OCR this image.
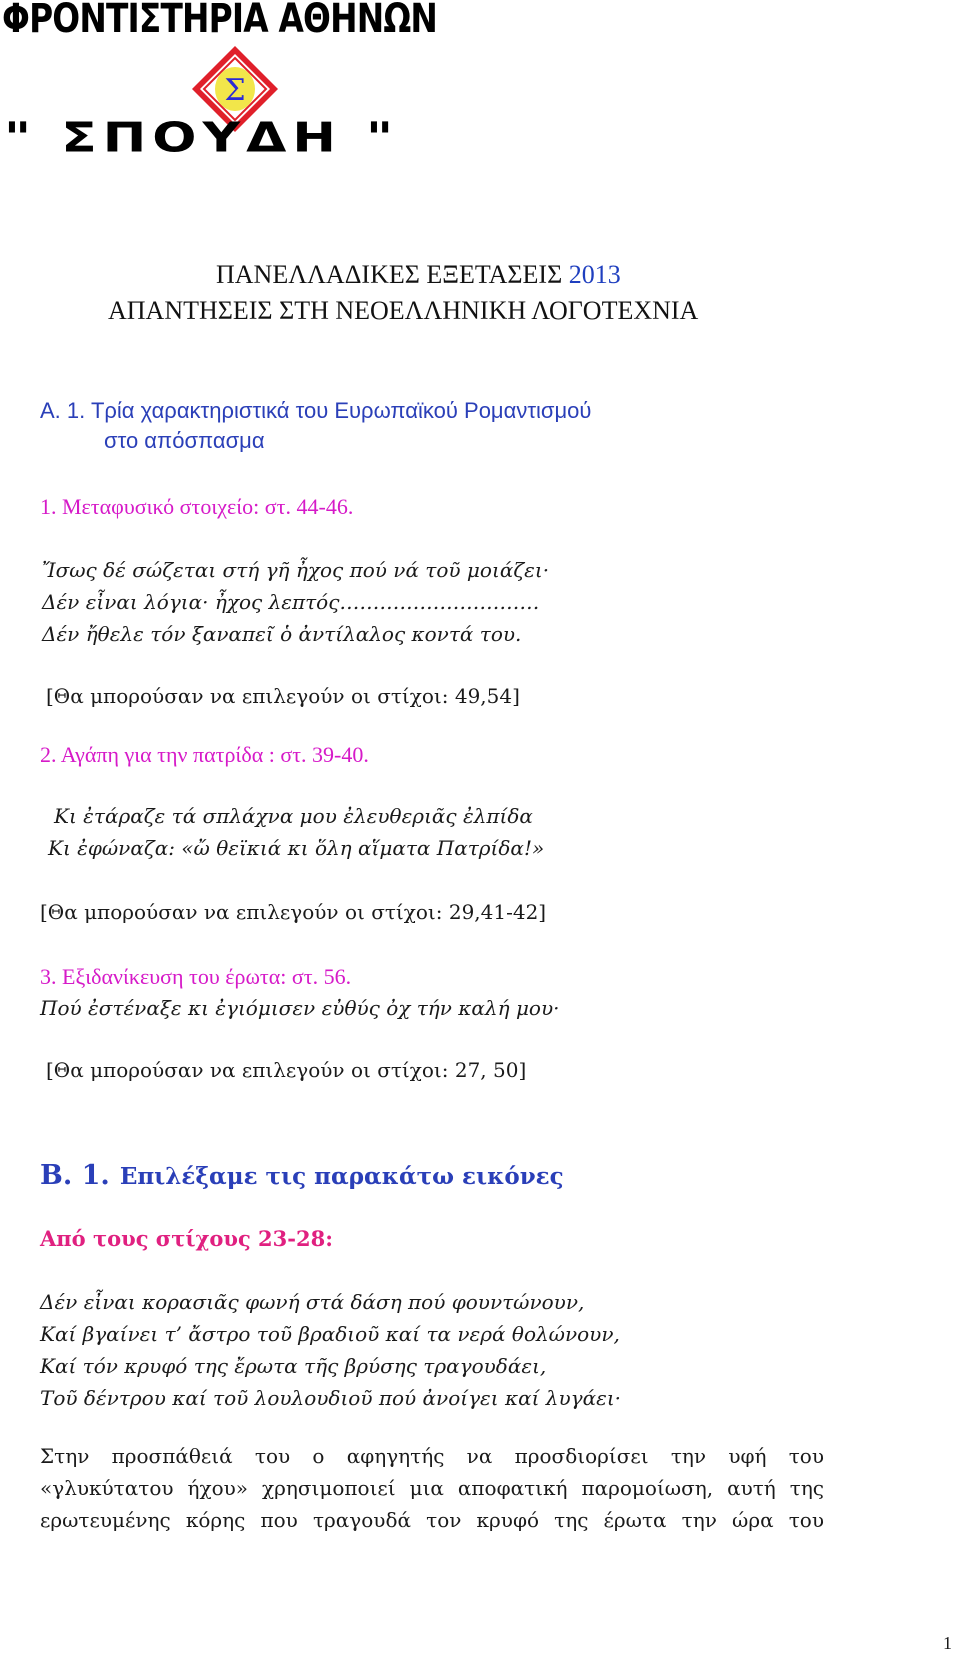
ΦΡΟΝΤΙΣΤΗΡΙΑ ΑΘΗΝΩΝ
Σ
" ΣΠΟΥΔΗ "
ΠΑΝΕΛΛΑΔΙΚΕΣ ΕΞΕΤΑΣΕΙΣ 2013
ΑΠΑΝΤΗΣΕΙΣ ΣΤΗ ΝΕΟΕΛΛΗΝΙΚΗ ΛΟΓΟΤΕΧΝΙΑ
Α. 1. Τρία χαρακτηριστικά του Ευρωπαϊκού Ρομαντισμού
στο απόσπασμα
1. Μεταφυσικό στοιχείο: στ. 44-46.
Ἴσως δέ σώζεται στή γῆ ἦχος πού νά τοῦ μοιάζει·
Δέν εἶναι λόγια· ἦχος λεπτός…………………………
Δέν ἤθελε τόν ξαναπεῖ ὁ ἀντίλαλος κοντά του.
[Θα μπορούσαν να επιλεγούν οι στίχοι: 49,54]
2. Αγάπη για την πατρίδα : στ. 39-40.
Κι ἐτάραζε τά σπλάχνα μου ἐλευθεριᾶς ἐλπίδα
Κι ἐφώναζα: «ὤ θεϊκιά κι ὅλη αἵματα Πατρίδα!»
[Θα μπορούσαν να επιλεγούν οι στίχοι: 29,41-42]
3. Εξιδανίκευση του έρωτα: στ. 56.
Πού ἐστέναξε κι ἐγιόμισεν εὐθύς ὀχ τήν καλή μου·
[Θα μπορούσαν να επιλεγούν οι στίχοι: 27, 50]
Β. 1. Επιλέξαμε τις παρακάτω εικόνες
Από τους στίχους 23-28:
Δέν εἶναι κορασιᾶς φωνή στά δάση πού φουντώνουν,
Καί βγαίνει τ’ ἄστρο τοῦ βραδιοῦ καί τα νερά θολώνουν,
Καί τόν κρυφό της ἔρωτα τῆς βρύσης τραγουδάει,
Τοῦ δέντρου καί τοῦ λουλουδιοῦ πού ἀνοίγει καί λυγάει·
Στην προσπάθειά του ο αφηγητής να προσδιορίσει την υφή του
«γλυκύτατου ήχου» χρησιμοποιεί μια αποφατική παρομοίωση, αυτή της
ερωτευμένης κόρης που τραγουδά τον κρυφό της έρωτα την ώρα του
1
